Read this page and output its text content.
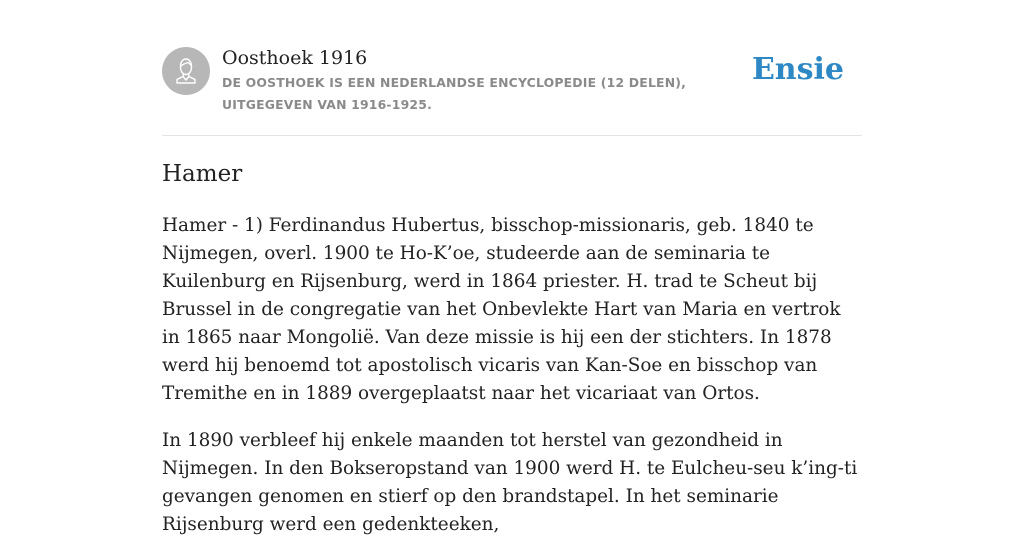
Oosthoek 1916
DE OOSTHOEK IS EEN NEDERLANDSE ENCYCLOPEDIE (12 DELEN), UITGEGEVEN VAN 1916-1925.
Ensie
Hamer

Hamer - 1) Ferdinandus Hubertus, bisschop-missionaris, geb. 1840 te Nijmegen, overl. 1900 te Ho-K’oe, studeerde aan de seminaria te Kuilenburg en Rijsenburg, werd in 1864 priester. H. trad te Scheut bij Brussel in de congregatie van het Onbevlekte Hart van Maria en vertrok in 1865 naar Mongolië. Van deze missie is hij een der stichters. In 1878 werd hij benoemd tot apostolisch vicaris van Kan-Soe en bisschop van Tremithe en in 1889 overgeplaatst naar het vicariaat van Ortos.

In 1890 verbleef hij enkele maanden tot herstel van gezondheid in Nijmegen. In den Bokseropstand van 1900 werd H. te Eulcheu-seu k’ing-ti gevangen genomen en stierf op den brandstapel. In het seminarie Rijsenburg werd een gedenkteeken,
